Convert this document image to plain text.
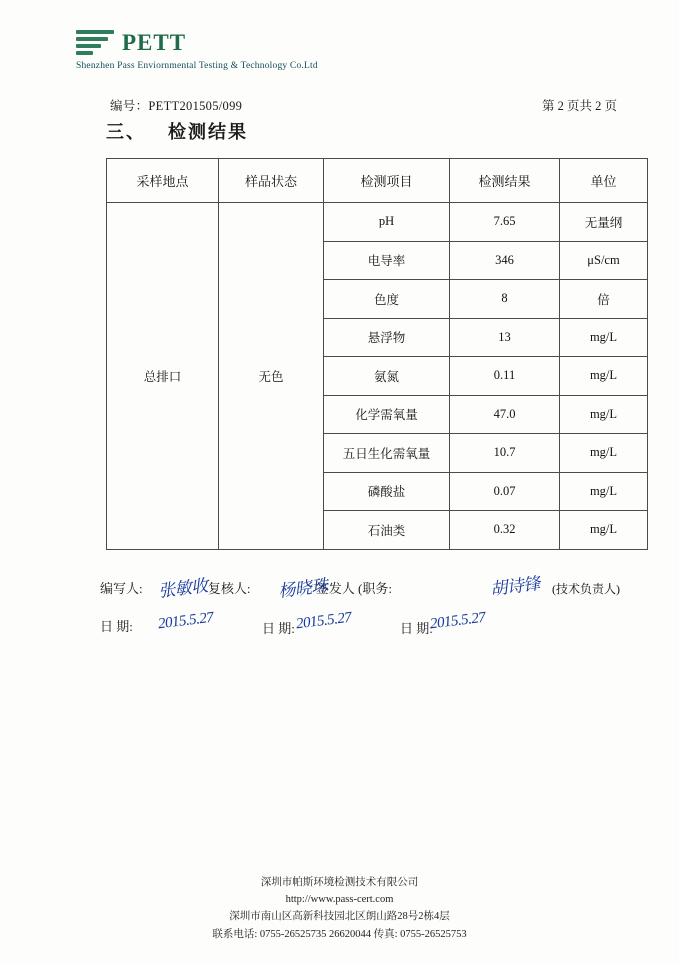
PETT
Shenzhen Pass Enviornmental Testing & Technology Co.Ltd
编号：PETT201505/099	第 2 页共 2 页
三、 检测结果
采样地点	样品状态	检测项目	检测结果	单位
总排口	无色	pH	7.65	无量纲
		电导率	346	μS/cm
		色度	8	倍
		悬浮物	13	mg/L
		氨氮	0.11	mg/L
		化学需氧量	47.0	mg/L
		五日生化需氧量	10.7	mg/L
		磷酸盐	0.07	mg/L
		石油类	0.32	mg/L
编写人: 张敏收 复核人: 杨晓珠
签发人 (职务:	胡诗锋 (技术负责人)
日 期: 2015.5.27	日 期: 2015.5.27	日 期:
2015.5.27
深圳市帕斯环境检测技术有限公司
http://www.pass-cert.com
深圳市南山区高新科技园北区朗山路28号2栋4层
联系电话: 0755-26525735 26620044 传真: 0755-26525753
